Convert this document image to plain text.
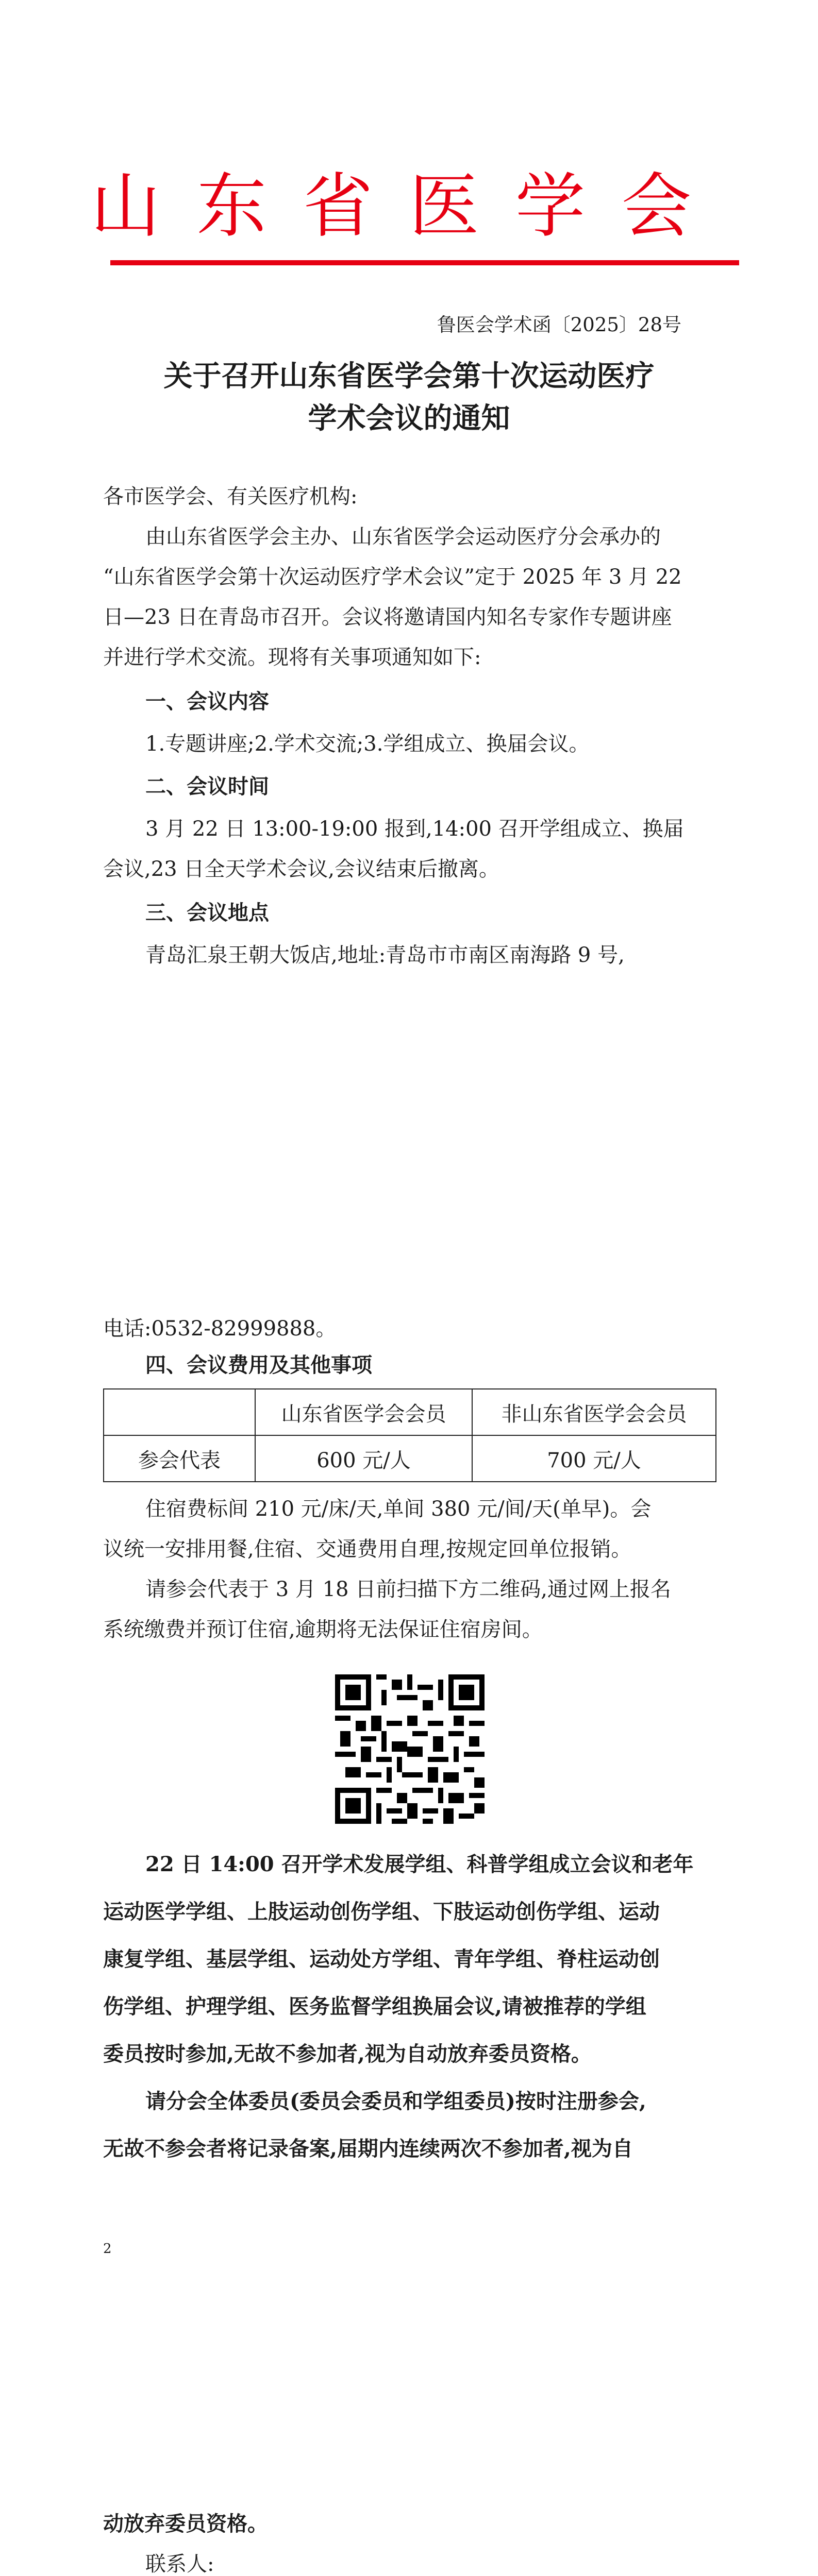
山东省医学会
鲁医会学术函〔2025〕28号
关于召开山东省医学会第十次运动医疗
学术会议的通知
各市医学会、有关医疗机构:
由山东省医学会主办、山东省医学会运动医疗分会承办的
“山东省医学会第十次运动医疗学术会议”定于 2025 年 3 月 22
日—23 日在青岛市召开。会议将邀请国内知名专家作专题讲座
并进行学术交流。现将有关事项通知如下:
一、会议内容
1.专题讲座;2.学术交流;3.学组成立、换届会议。
二、会议时间
3 月 22 日 13:00-19:00 报到,14:00 召开学组成立、换届
会议,23 日全天学术会议,会议结束后撤离。
三、会议地点
青岛汇泉王朝大饭店,地址:青岛市市南区南海路 9 号,
电话:0532-82999888。
四、会议费用及其他事项
	山东省医学会会员	非山东省医学会会员
参会代表	600 元/人	700 元/人
住宿费标间 210 元/床/天,单间 380 元/间/天(单早)。会
议统一安排用餐,住宿、交通费用自理,按规定回单位报销。
请参会代表于 3 月 18 日前扫描下方二维码,通过网上报名
系统缴费并预订住宿,逾期将无法保证住宿房间。
22 日 14:00 召开学术发展学组、科普学组成立会议和老年
运动医学学组、上肢运动创伤学组、下肢运动创伤学组、运动
康复学组、基层学组、运动处方学组、青年学组、脊柱运动创
伤学组、护理学组、医务监督学组换届会议,请被推荐的学组
委员按时参加,无故不参加者,视为自动放弃委员资格。
请分会全体委员(委员会委员和学组委员)按时注册参会,
无故不参会者将记录备案,届期内连续两次不参加者,视为自
2
动放弃委员资格。
联系人:
